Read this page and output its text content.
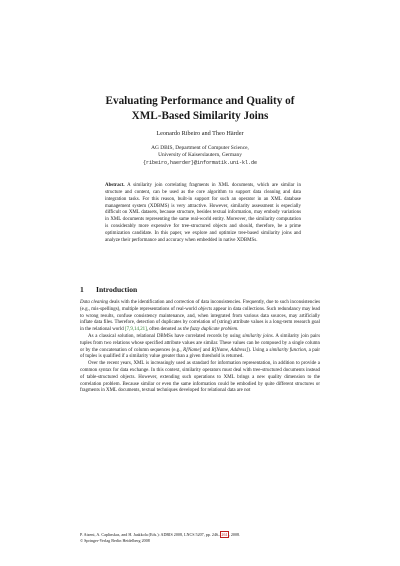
Evaluating Performance and Quality of
XML-Based Similarity Joins
Leonardo Ribeiro and Theo Härder
AG DBIS, Department of Computer Science,
University of Kaiserslautern, Germany
{ribeiro,haerder}@informatik.uni-kl.de
Abstract. A similarity join correlating fragments in XML documents, which are similar in structure and content, can be used as the core algorithm to support data cleaning and data integration tasks. For this reason, built-in support for such an operator in an XML database management system (XDBMS) is very attractive. However, similarity assessment is especially difficult on XML datasets, because structure, besides textual information, may embody variations in XML documents representing the same real-world entity. Moreover, the similarity computation is considerably more expensive for tree-structured objects and should, therefore, be a prime optimization candidate. In this paper, we explore and optimize tree-based similarity joins and analyze their performance and accuracy when embedded in native XDBMSs.
1 Introduction

Data cleaning deals with the identification and correction of data inconsistencies. Frequently, due to such inconsistencies (e.g., mis-spellings), multiple representations of real-world objects appear in data collections. Such redundancy may lead to wrong results, confuse consistency maintenance, and, when integrated from various data sources, may artificially inflate data files. Therefore, detection of duplicates by correlation of (string) attribute values is a long-term research goal in the relational world [7,9,14,21], often denoted as the fuzzy duplicate problem.

As a classical solution, relational DBMSs have correlated records by using similarity joins. A similarity join pairs tuples from two relations whose specified attribute values are similar. These values can be composed by a single column or by the concatenation of column sequences (e.g., R[Name] and R[Name, Address]). Using a similarity function, a pair of tuples is qualified if a similarity value greater than a given threshold is returned.

Over the recent years, XML is increasingly used as standard for information representation, in addition to provide a common syntax for data exchange. In this context, similarity operators must deal with tree-structured documents instead of table-structured objects. However, extending such operations to XML brings a new quality dimension to the correlation problem. Because similar or even the same information could be embodied by quite different structures or fragments in XML documents, textual techniques developed for relational data are not

P. Atzeni, A. Caplinskas, and H. Jaakkola (Eds.): ADBIS 2008, LNCS 5207, pp. 246–261, 2008.
© Springer-Verlag Berlin Heidelberg 2008
